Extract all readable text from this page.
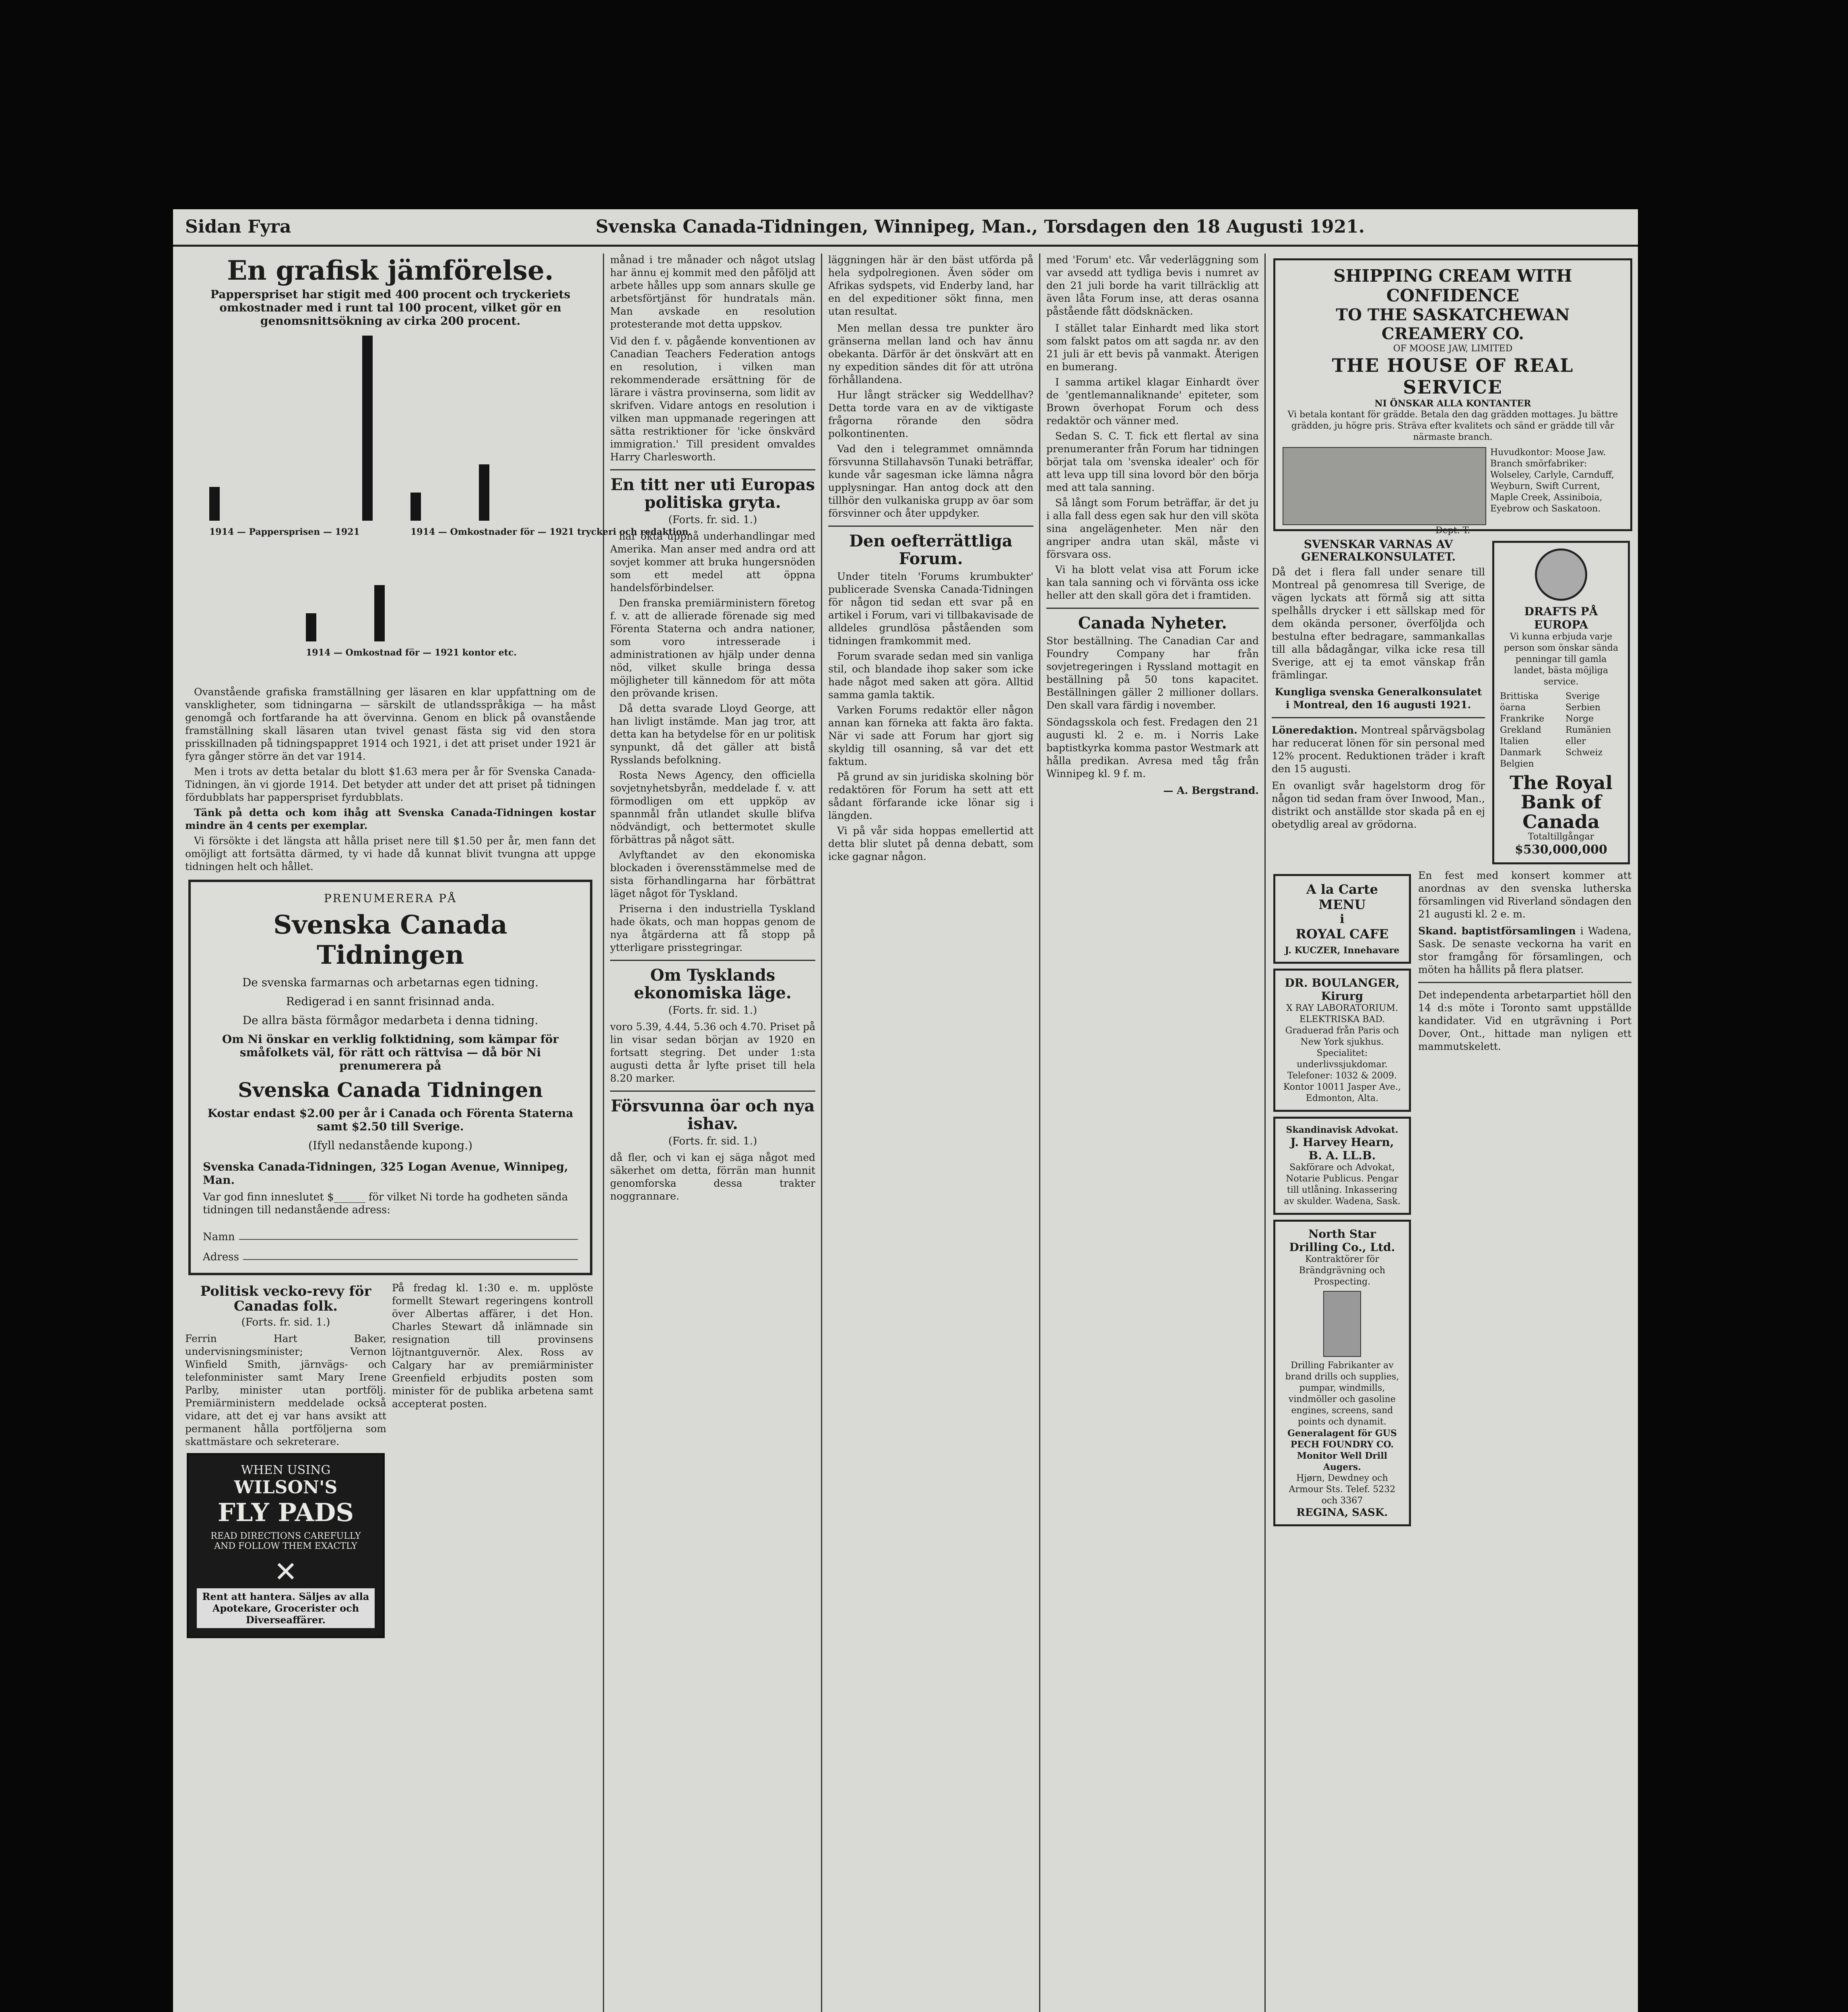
Sidan Fyra	Svenska Canada-Tidningen, Winnipeg, Man., Torsdagen den 18 Augusti 1921.
En grafisk jämförelse.
Papperspriset har stigit med 400 procent och tryckeriets omkostnader med i runt tal 100 procent, vilket gör en genomsnittsökning av cirka 200 procent.
1914 — Pappersprisen — 1921	1914 — Omkostnader för — 1921 tryckeri och redaktion.
1914 — Omkostnad för — 1921 kontor etc.

Ovanstående grafiska framställning ger läsaren en klar uppfattning om de vanskligheter, som tidningarna — särskilt de utlandsspråkiga — ha måst genomgå och fortfarande ha att övervinna. Genom en blick på ovanstående framställning skall läsaren utan tvivel genast fästa sig vid den stora prisskillnaden på tidningspappret 1914 och 1921, i det att priset under 1921 är fyra gånger större än det var 1914.

Men i trots av detta betalar du blott $1.63 mera per år för Svenska Canada-Tidningen, än vi gjorde 1914. Det betyder att under det att priset på tidningen fördubblats har papperspriset fyrdubblats.

Tänk på detta och kom ihåg att Svenska Canada-Tidningen kostar mindre än 4 cents per exemplar.

Vi försökte i det längsta att hålla priset nere till $1.50 per år, men fann det omöjligt att fortsätta därmed, ty vi hade då kunnat blivit tvungna att uppge tidningen helt och hållet.

PRENUMERERA PÅ
Svenska Canada Tidningen
De svenska farmarnas och arbetarnas egen tidning.
Redigerad i en sannt frisinnad anda.
De allra bästa förmågor medarbeta i denna tidning.
Om Ni önskar en verklig folktidning, som kämpar för småfolkets väl, för rätt och rättvisa — då bör Ni prenumerera på
Svenska Canada Tidningen
Kostar endast $2.00 per år i Canada och Förenta Staterna samt $2.50 till Sverige.
(Ifyll nedanstående kupong.)
Svenska Canada-Tidningen, 325 Logan Avenue, Winnipeg, Man.
Var god finn inneslutet $______ för vilket Ni torde ha godheten sända tidningen till nedanstående adress:
Namn
Adress
Politisk vecko-revy för Canadas folk.
(Forts. fr. sid. 1.)
Ferrin Hart Baker, undervisningsminister; Vernon Winfield Smith, järnvägs- och telefonminister samt Mary Irene Parlby, minister utan portfölj. Premiärministern meddelade också vidare, att det ej var hans avsikt att permanent hålla portföljerna som skattmästare och sekreterare.
WHEN USING
WILSON'S
FLY PADS
READ DIRECTIONS CAREFULLY AND FOLLOW THEM EXACTLY
✕
Rent att hantera. Säljes av alla Apotekare, Grocerister och Diverseaffärer.
På fredag kl. 1:30 e. m. upplöste formellt Stewart regeringens kontroll över Albertas affärer, i det Hon. Charles Stewart då inlämnade sin resignation till provinsens löjtnantguvernör. Alex. Ross av Calgary har av premiärminister Greenfield erbjudits posten som minister för de publika arbetena samt accepterat posten.
månad i tre månader och något utslag har ännu ej kommit med den påföljd att arbete hålles upp som annars skulle ge arbetsförtjänst för hundratals män. Man avskade en resolution protesterande mot detta uppskov.
Vid den f. v. pågående konventionen av Canadian Teachers Federation antogs en resolution, i vilken man rekommenderade ersättning för de lärare i västra provinserna, som lidit av skrifven. Vidare antogs en resolution i vilken man uppmanade regeringen att sätta restriktioner för 'icke önskvärd immigration.' Till president omvaldes Harry Charlesworth.
En titt ner uti Europas politiska gryta.
(Forts. fr. sid. 1.)

har ökta uppnå underhandlingar med Amerika. Man anser med andra ord att sovjet kommer att bruka hungersnöden som ett medel att öppna handelsförbindelser.

Den franska premiärministern företog f. v. att de allierade förenade sig med Förenta Staterna och andra nationer, som voro intresserade i administrationen av hjälp under denna nöd, vilket skulle bringa dessa möjligheter till kännedom för att möta den prövande krisen.

Då detta svarade Lloyd George, att han livligt instämde. Man jag tror, att detta kan ha betydelse för en ur politisk synpunkt, då det gäller att bistå Rysslands befolkning.

Rosta News Agency, den officiella sovjetnyhetsbyrån, meddelade f. v. att förmodligen om ett uppköp av spannmål från utlandet skulle blifva nödvändigt, och bettermotet skulle förbättras på något sätt.

Avlyftandet av den ekonomiska blockaden i överensstämmelse med de sista förhandlingarna har förbättrat läget något för Tyskland.

Priserna i den industriella Tyskland hade ökats, och man hoppas genom de nya åtgärderna att få stopp på ytterligare prisstegringar.

Om Tysklands ekonomiska läge.
(Forts. fr. sid. 1.)
voro 5.39, 4.44, 5.36 och 4.70. Priset på lin visar sedan början av 1920 en fortsatt stegring. Det under 1:sta augusti detta år lyfte priset till hela 8.20 marker.
Försvunna öar och nya ishav.
(Forts. fr. sid. 1.)
då fler, och vi kan ej säga något med säkerhet om detta, förrän man hunnit genomforska dessa trakter noggrannare.
läggningen här är den bäst utförda på hela sydpolregionen. Även söder om Afrikas sydspets, vid Enderby land, har en del expeditioner sökt finna, men utan resultat.

Men mellan dessa tre punkter äro gränserna mellan land och hav ännu obekanta. Därför är det önskvärt att en ny expedition sändes dit för att utröna förhållandena.

Hur långt sträcker sig Weddellhav? Detta torde vara en av de viktigaste frågorna rörande den södra polkontinenten.

Vad den i telegrammet omnämnda försvunna Stillahavsön Tunaki beträffar, kunde vår sagesman icke lämna några upplysningar. Han antog dock att den tillhör den vulkaniska grupp av öar som försvinner och åter uppdyker.

Den oefterrättliga Forum.

Under titeln 'Forums krumbukter' publicerade Svenska Canada-Tidningen för någon tid sedan ett svar på en artikel i Forum, vari vi tillbakavisade de alldeles grundlösa påståenden som tidningen framkommit med.

Forum svarade sedan med sin vanliga stil, och blandade ihop saker som icke hade något med saken att göra. Alltid samma gamla taktik.

Varken Forums redaktör eller någon annan kan förneka att fakta äro fakta. När vi sade att Forum har gjort sig skyldig till osanning, så var det ett faktum.

På grund av sin juridiska skolning bör redaktören för Forum ha sett att ett sådant förfarande icke lönar sig i längden.

Vi på vår sida hoppas emellertid att detta blir slutet på denna debatt, som icke gagnar någon.

med 'Forum' etc. Vår vederläggning som var avsedd att tydliga bevis i numret av den 21 juli borde ha varit tillräcklig att även låta Forum inse, att deras osanna påstående fått dödsknäcken.

I stället talar Einhardt med lika stort som falskt patos om att sagda nr. av den 21 juli är ett bevis på vanmakt. Återigen en bumerang.

I samma artikel klagar Einhardt över de 'gentlemannaliknande' epiteter, som Brown överhopat Forum och dess redaktör och vänner med.

Sedan S. C. T. fick ett flertal av sina prenumeranter från Forum har tidningen börjat tala om 'svenska idealer' och för att leva upp till sina lovord bör den börja med att tala sanning.

Så långt som Forum beträffar, är det ju i alla fall dess egen sak hur den vill sköta sina angelägenheter. Men när den angriper andra utan skäl, måste vi försvara oss.

Vi ha blott velat visa att Forum icke kan tala sanning och vi förvänta oss icke heller att den skall göra det i framtiden.

Canada Nyheter.
Stor beställning. The Canadian Car and Foundry Company har från sovjetregeringen i Ryssland mottagit en beställning på 50 tons kapacitet. Beställningen gäller 2 millioner dollars. Den skall vara färdig i november.
Söndagsskola och fest. Fredagen den 21 augusti kl. 2 e. m. i Norris Lake baptistkyrka komma pastor Westmark att hålla predikan. Avresa med tåg från Winnipeg kl. 9 f. m.
— A. Bergstrand.
SHIPPING CREAM WITH CONFIDENCE
TO THE SASKATCHEWAN CREAMERY CO.
OF MOOSE JAW, LIMITED
THE HOUSE OF REAL SERVICE
NI ÖNSKAR ALLA KONTANTER
Vi betala kontant för grädde. Betala den dag grädden mottages. Ju bättre grädden, ju högre pris. Sträva efter kvalitets och sänd er grädde till vår närmaste branch.
Huvudkontor: Moose Jaw. Branch smörfabriker: Wolseley, Carlyle, Carnduff, Weyburn, Swift Current, Maple Creek, Assiniboia, Eyebrow och Saskatoon.
Dept. T.
SVENSKAR VARNAS AV GENERALKONSULATET.
Då det i flera fall under senare till Montreal på genomresa till Sverige, de vägen lyckats att förmå sig att sitta spelhålls drycker i ett sällskap med för dem okända personer, överföljda och bestulna efter bedragare, sammankallas till alla bådagångar, vilka icke resa till Sverige, att ej ta emot vänskap från främlingar.
Kungliga svenska Generalkonsulatet i Montreal, den 16 augusti 1921.
Löneredaktion. Montreal spårvägsbolag har reducerat lönen för sin personal med 12% procent. Reduktionen träder i kraft den 15 augusti.
En ovanligt svår hagelstorm drog för någon tid sedan fram över Inwood, Man., distrikt och anställde stor skada på en ej obetydlig areal av grödorna.
DRAFTS PÅ EUROPA
Vi kunna erbjuda varje person som önskar sända penningar till gamla landet, bästa möjliga service.
Brittiska öarna
Frankrike
Grekland
Italien
Danmark
Belgien
Sverige
Serbien
Norge
Rumänien
eller Schweiz
The Royal Bank of Canada
Totaltillgångar
$530,000,000
A la Carte
MENU
i
ROYAL CAFE
J. KUCZER, Innehavare
DR. BOULANGER, Kirurg
X RAY LABORATORIUM. ELEKTRISKA BAD.
Graduerad från Paris och New York sjukhus. Specialitet: underlivssjukdomar. Telefoner: 1032 & 2009. Kontor 10011 Jasper Ave., Edmonton, Alta.
Skandinavisk Advokat.
J. Harvey Hearn, B. A. LL.B.
Sakförare och Advokat, Notarie Publicus. Pengar till utlåning. Inkassering av skulder. Wadena, Sask.
North Star Drilling Co., Ltd.
Kontraktörer för Brändgrävning och Prospecting.
Drilling Fabrikanter av brand drills och supplies, pumpar, windmills, vindmöller och gasoline engines, screens, sand points och dynamit.
Generalagent för GUS PECH FOUNDRY CO. Monitor Well Drill Augers.
Hjørn, Dewdney och Armour Sts. Telef. 5232 och 3367
REGINA, SASK.
En fest med konsert kommer att anordnas av den svenska lutherska församlingen vid Riverland söndagen den 21 augusti kl. 2 e. m.
Skand. baptistförsamlingen i Wadena, Sask. De senaste veckorna ha varit en stor framgång för församlingen, och möten ha hållits på flera platser.
Det independenta arbetarpartiet höll den 14 d:s möte i Toronto samt uppställde kandidater. Vid en utgrävning i Port Dover, Ont., hittade man nyligen ett mammutskelett.
